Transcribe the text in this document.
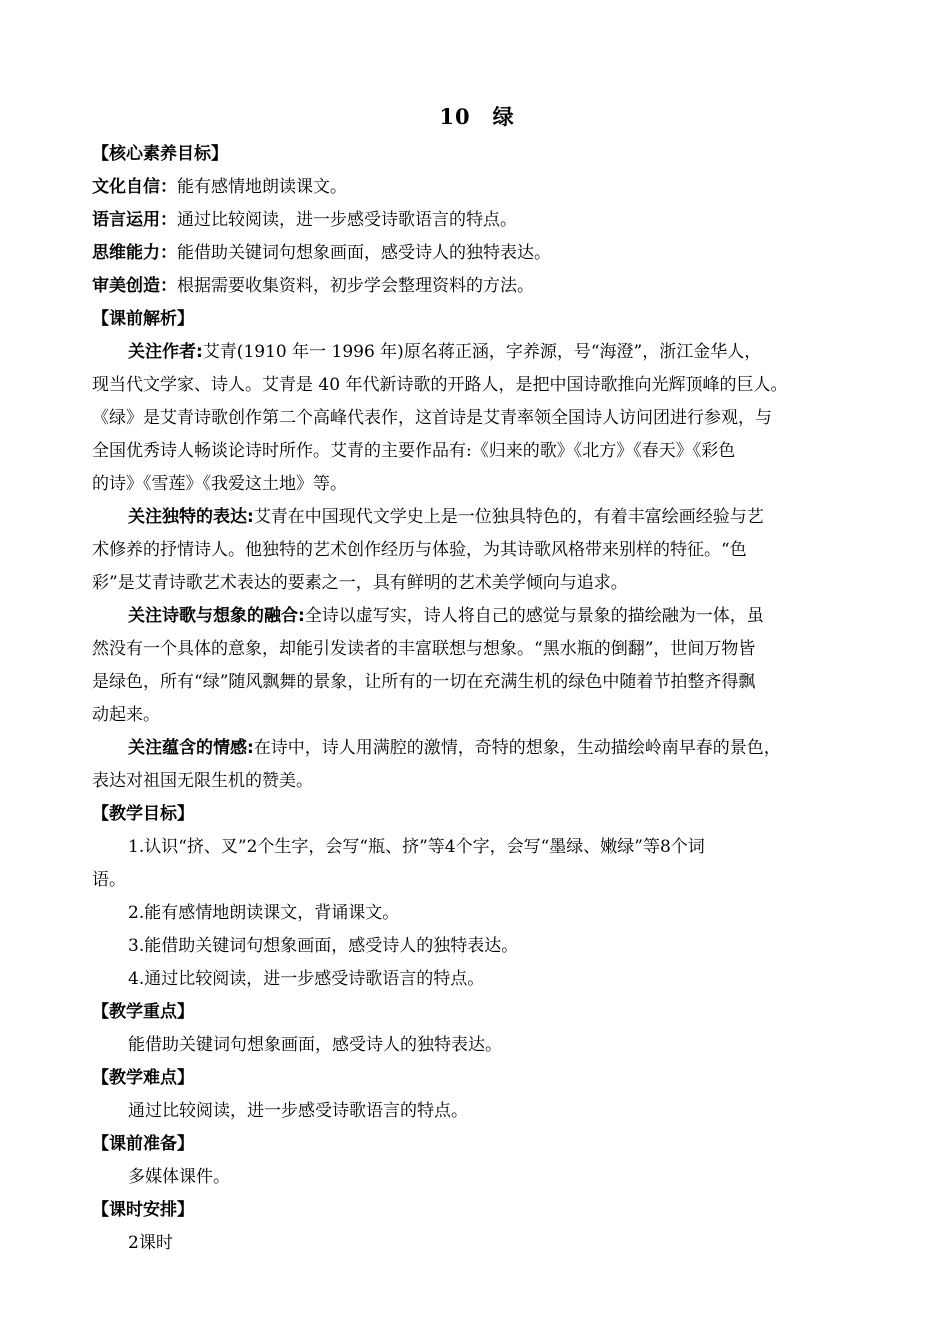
10　绿
【核心素养目标】
文化自信：能有感情地朗读课文。
语言运用：通过比较阅读，进一步感受诗歌语言的特点。
思维能力：能借助关键词句想象画面，感受诗人的独特表达。
审美创造：根据需要收集资料，初步学会整理资料的方法。
【课前解析】
关注作者:艾青(1910 年一 1996 年)原名蒋正涵，字养源，号“海澄”，浙江金华人，
现当代文学家、诗人。艾青是 40 年代新诗歌的开路人，是把中国诗歌推向光辉顶峰的巨人。
《绿》是艾青诗歌创作第二个高峰代表作，这首诗是艾青率领全国诗人访问团进行参观，与
全国优秀诗人畅谈论诗时所作。艾青的主要作品有:《归来的歌》《北方》《春天》《彩色
的诗》《雪莲》《我爱这土地》等。
关注独特的表达:艾青在中国现代文学史上是一位独具特色的，有着丰富绘画经验与艺
术修养的抒情诗人。他独特的艺术创作经历与体验，为其诗歌风格带来别样的特征。“色
彩”是艾青诗歌艺术表达的要素之一，具有鲜明的艺术美学倾向与追求。
关注诗歌与想象的融合:全诗以虚写实，诗人将自己的感觉与景象的描绘融为一体，虽
然没有一个具体的意象，却能引发读者的丰富联想与想象。“黑水瓶的倒翻”，世间万物皆
是绿色，所有“绿”随风飘舞的景象，让所有的一切在充满生机的绿色中随着节拍整齐得飘
动起来。
关注蕴含的情感:在诗中，诗人用满腔的激情，奇特的想象，生动描绘岭南早春的景色，
表达对祖国无限生机的赞美。
【教学目标】
1.认识“挤、叉”2个生字，会写“瓶、挤”等4个字，会写“墨绿、嫩绿”等8个词
语。
2.能有感情地朗读课文，背诵课文。
3.能借助关键词句想象画面，感受诗人的独特表达。
4.通过比较阅读，进一步感受诗歌语言的特点。
【教学重点】
能借助关键词句想象画面，感受诗人的独特表达。
【教学难点】
通过比较阅读，进一步感受诗歌语言的特点。
【课前准备】
多媒体课件。
【课时安排】
2课时
